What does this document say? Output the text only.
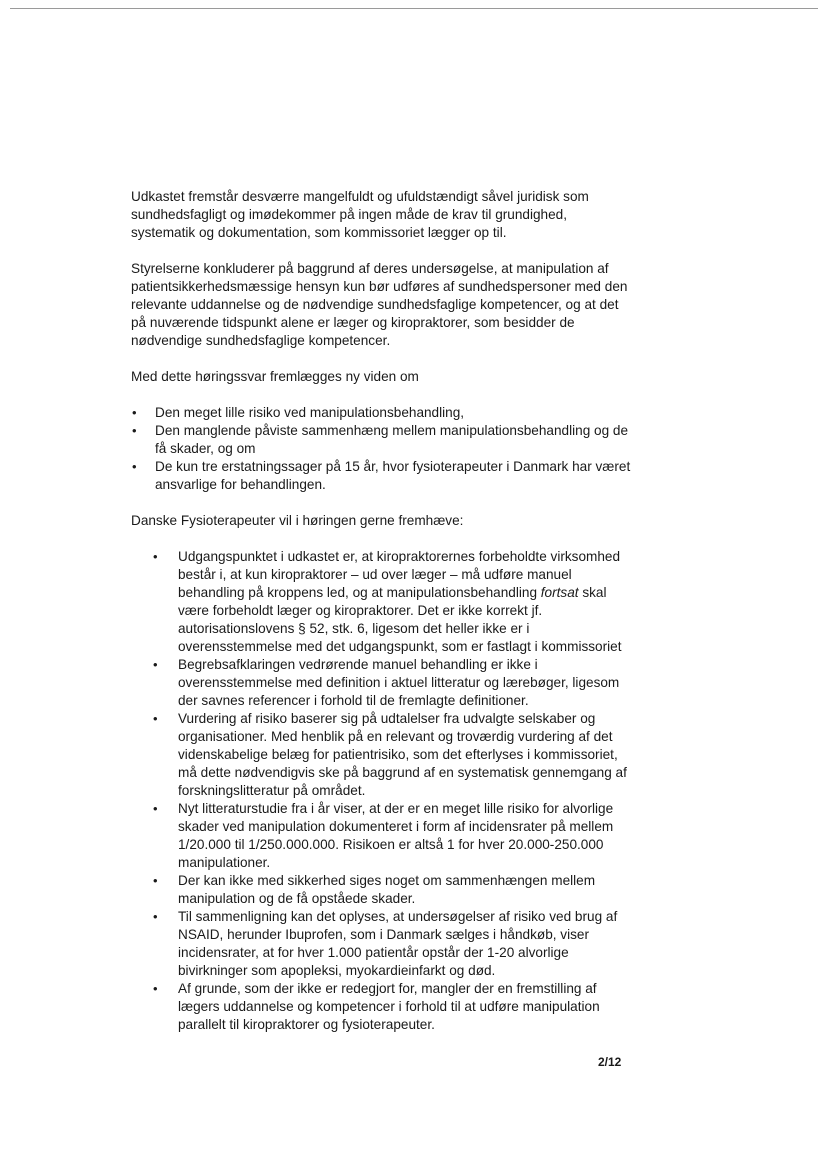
Udkastet fremstår desværre mangelfuldt og ufuldstændigt såvel juridisk som sundhedsfagligt og imødekommer på ingen måde de krav til grundighed, systematik og dokumentation, som kommissoriet lægger op til.

Styrelserne konkluderer på baggrund af deres undersøgelse, at manipulation af patientsikkerhedsmæssige hensyn kun bør udføres af sundhedspersoner med den relevante uddannelse og de nødvendige sundhedsfaglige kompetencer, og at det på nuværende tidspunkt alene er læger og kiropraktorer, som besidder de nødvendige sundhedsfaglige kompetencer.

Med dette høringssvar fremlægges ny viden om

• Den meget lille risiko ved manipulationsbehandling,
• Den manglende påviste sammenhæng mellem manipulationsbehandling og de få skader, og om
• De kun tre erstatningssager på 15 år, hvor fysioterapeuter i Danmark har været ansvarlige for behandlingen.

Danske Fysioterapeuter vil i høringen gerne fremhæve:

• Udgangspunktet i udkastet er, at kiropraktorernes forbeholdte virksomhed består i, at kun kiropraktorer – ud over læger – må udføre manuel behandling på kroppens led, og at manipulationsbehandling fortsat skal være forbeholdt læger og kiropraktorer. Det er ikke korrekt jf. autorisationslovens § 52, stk. 6, ligesom det heller ikke er i overensstemmelse med det udgangspunkt, som er fastlagt i kommissoriet
• Begrebsafklaringen vedrørende manuel behandling er ikke i overensstemmelse med definition i aktuel litteratur og lærebøger, ligesom der savnes referencer i forhold til de fremlagte definitioner.
• Vurdering af risiko baserer sig på udtalelser fra udvalgte selskaber og organisationer. Med henblik på en relevant og troværdig vurdering af det videnskabelige belæg for patientrisiko, som det efterlyses i kommissoriet, må dette nødvendigvis ske på baggrund af en systematisk gennemgang af forskningslitteratur på området.
• Nyt litteraturstudie fra i år viser, at der er en meget lille risiko for alvorlige skader ved manipulation dokumenteret i form af incidensrater på mellem 1/20.000 til 1/250.000.000. Risikoen er altså 1 for hver 20.000-250.000 manipulationer.
• Der kan ikke med sikkerhed siges noget om sammenhængen mellem manipulation og de få opståede skader.
• Til sammenligning kan det oplyses, at undersøgelser af risiko ved brug af NSAID, herunder Ibuprofen, som i Danmark sælges i håndkøb, viser incidensrater, at for hver 1.000 patientår opstår der 1-20 alvorlige bivirkninger som apopleksi, myokardieinfarkt og død.
• Af grunde, som der ikke er redegjort for, mangler der en fremstilling af lægers uddannelse og kompetencer i forhold til at udføre manipulation parallelt til kiropraktorer og fysioterapeuter.
2/12
